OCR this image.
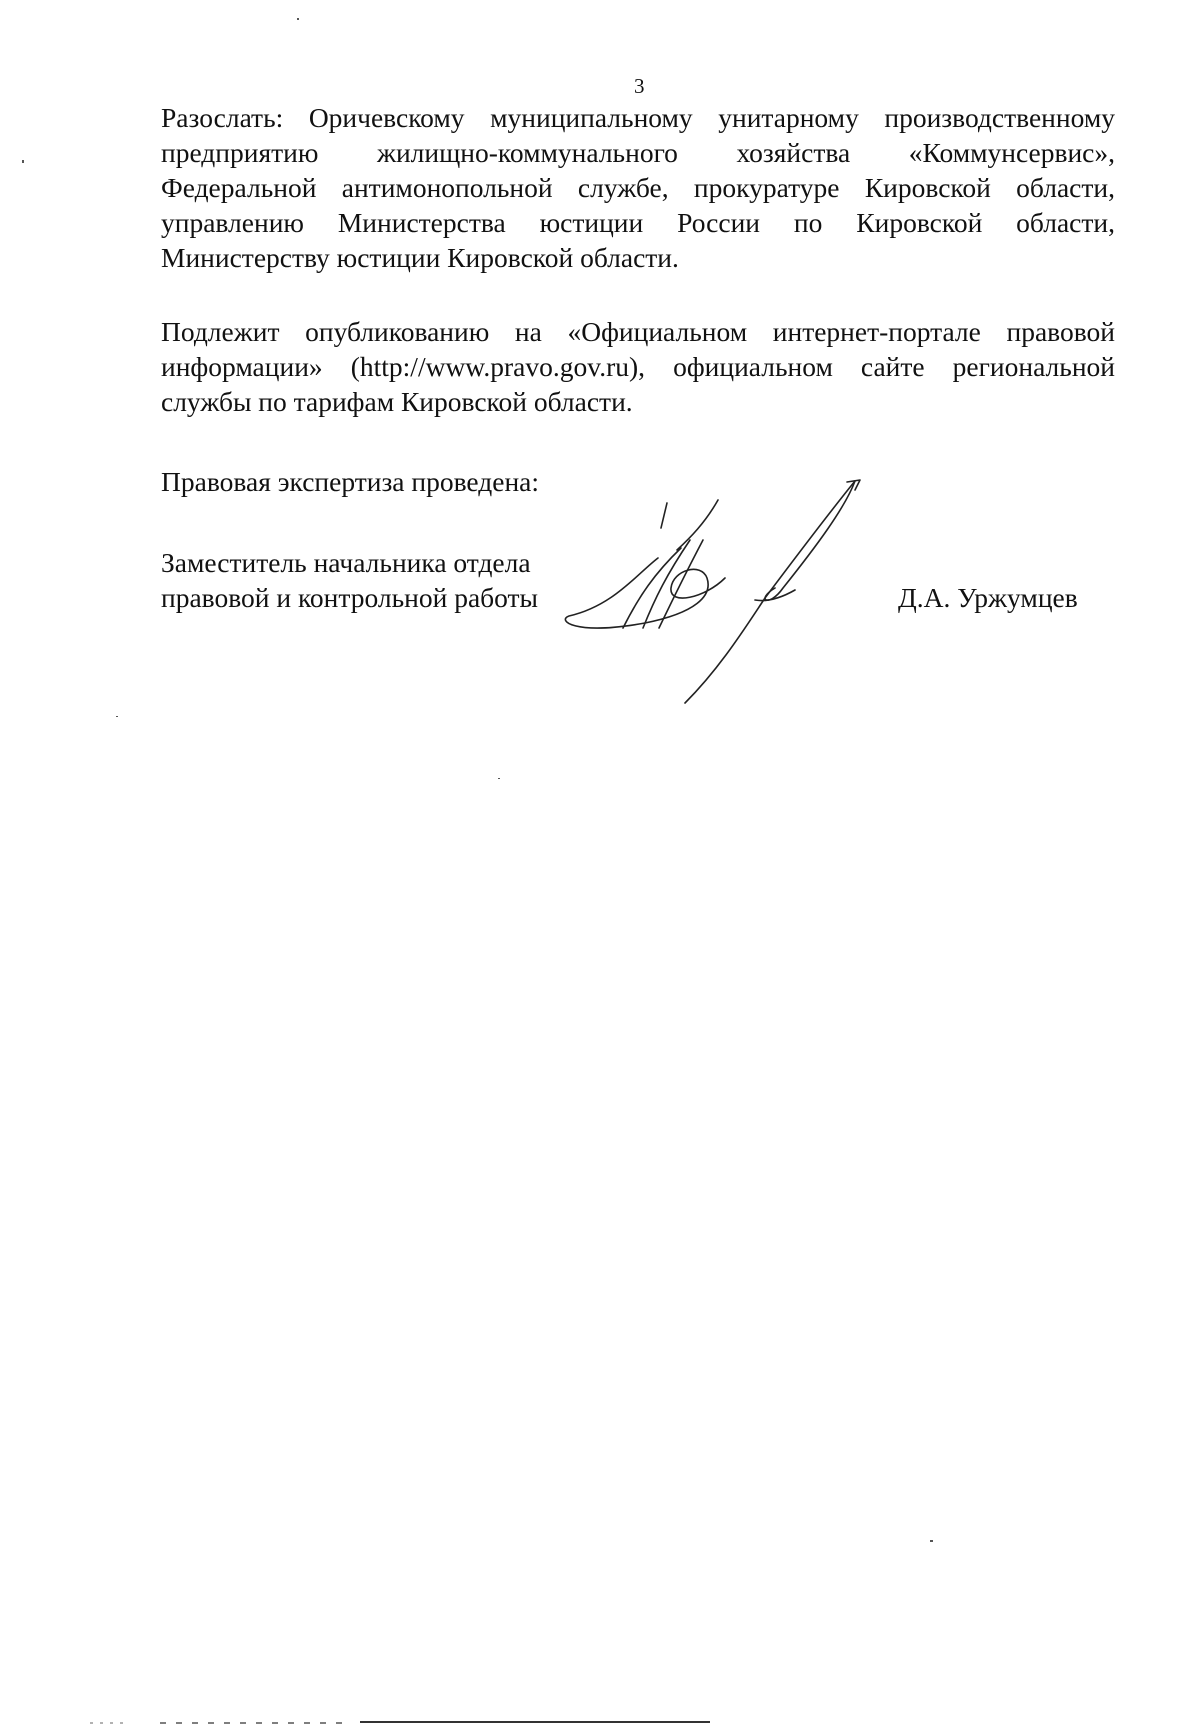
3

Разослать: Оричевскому муниципальному унитарному производственному предприятию жилищно-коммунального хозяйства «Коммунсервис», Федеральной антимонопольной службе, прокуратуре Кировской области, управлению Министерства юстиции России по Кировской области, Министерству юстиции Кировской области.

Подлежит опубликованию на «Официальном интернет-портале правовой информации» (http://www.pravo.gov.ru), официальном сайте региональной службы по тарифам Кировской области.

Правовая экспертиза проведена:

Заместитель начальника отдела

правовой и контрольной работы	Д.А. Уржумцев
